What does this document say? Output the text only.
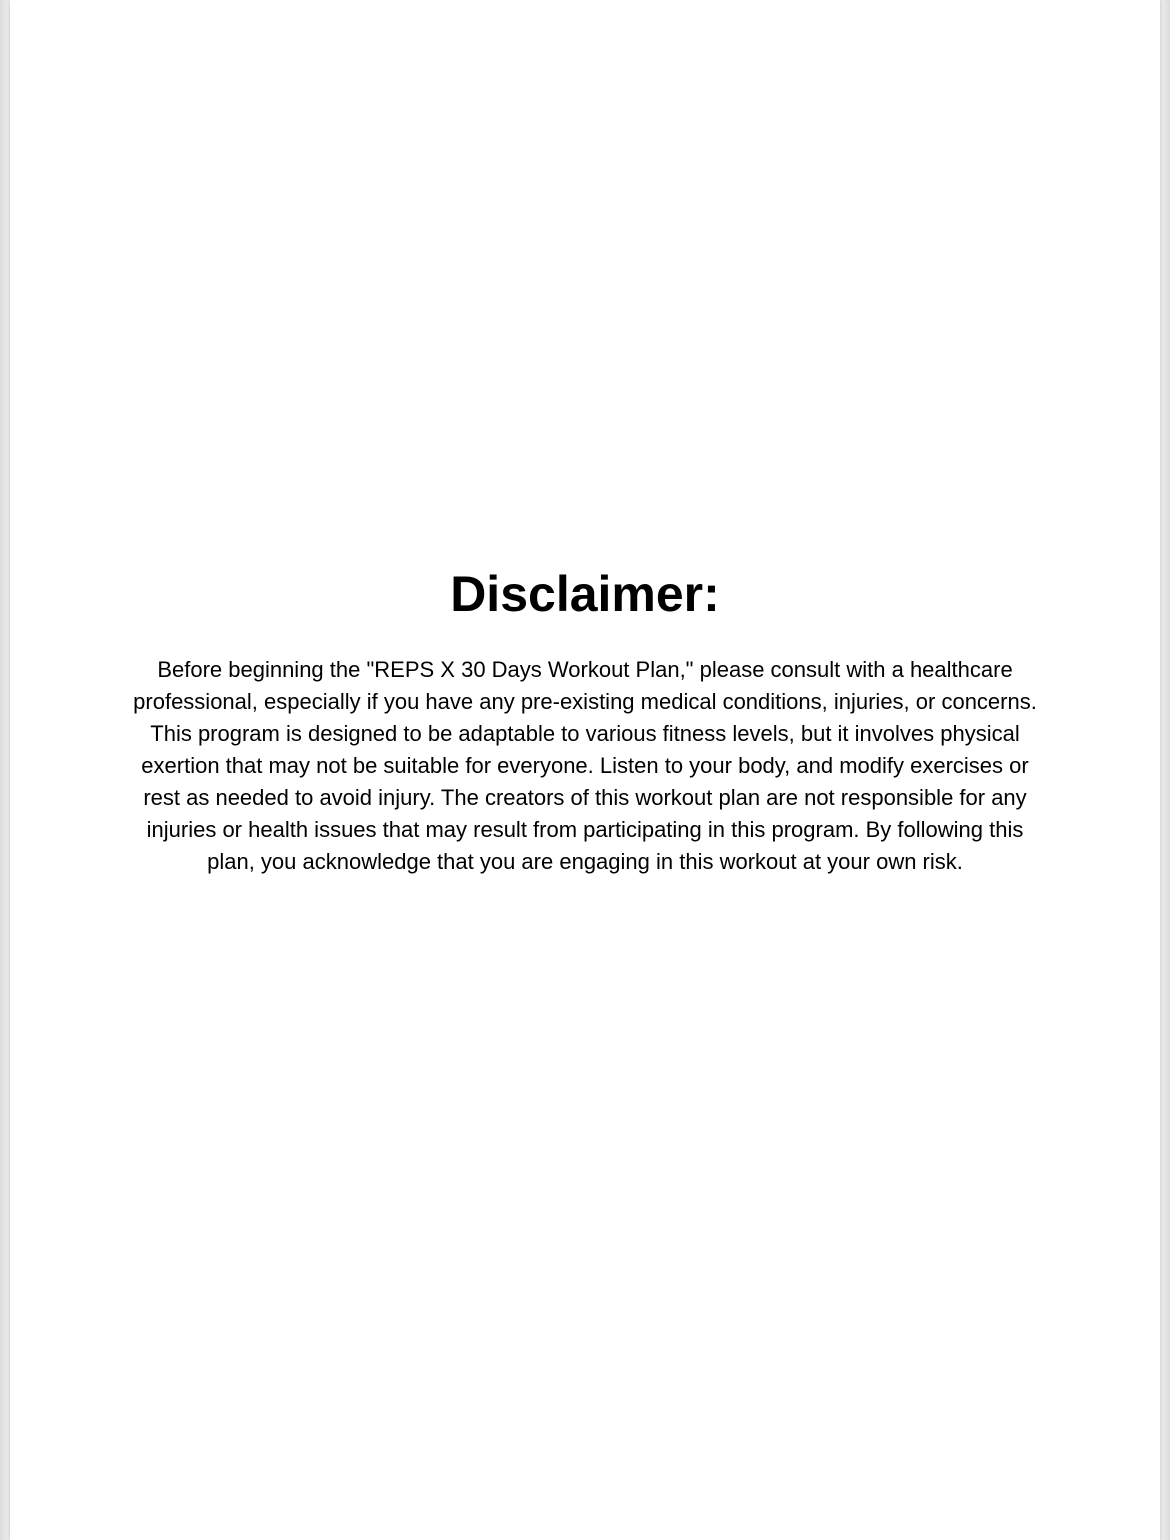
Disclaimer:

Before beginning the "REPS X 30 Days Workout Plan," please consult with a healthcare professional, especially if you have any pre-existing medical conditions, injuries, or concerns. This program is designed to be adaptable to various fitness levels, but it involves physical exertion that may not be suitable for everyone. Listen to your body, and modify exercises or rest as needed to avoid injury. The creators of this workout plan are not responsible for any injuries or health issues that may result from participating in this program. By following this plan, you acknowledge that you are engaging in this workout at your own risk.
